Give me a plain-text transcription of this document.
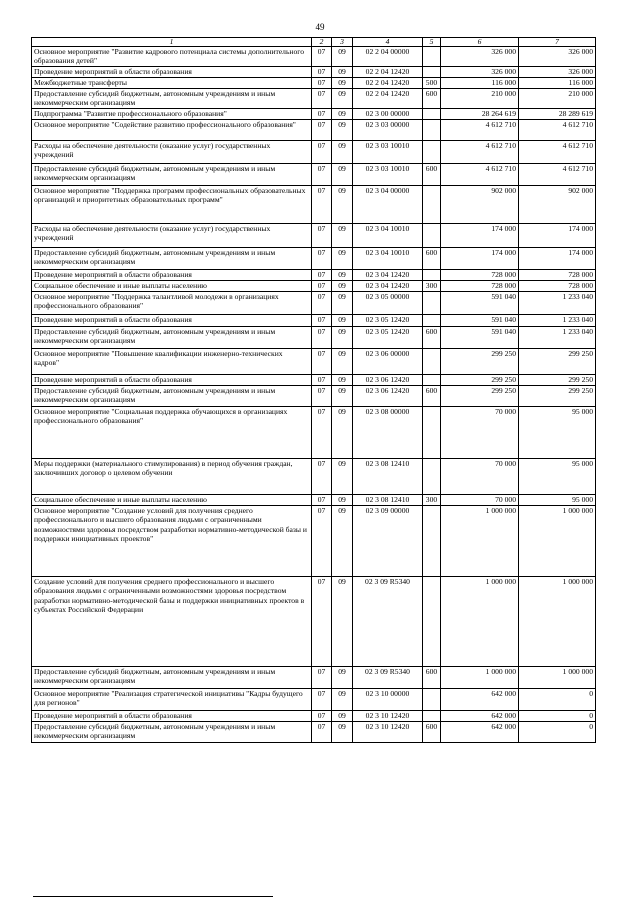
49
1	2	3	4	5	6	7
Основное мероприятие "Развитие кадрового потенциала системы дополнительного образования детей"	07	09	02 2 04 00000		326 000	326 000
Проведение мероприятий в области образования	07	09	02 2 04 12420		326 000	326 000
Межбюджетные трансферты	07	09	02 2 04 12420	500	116 000	116 000
Предоставление субсидий бюджетным, автономным учреждениям и иным некоммерческим организациям	07	09	02 2 04 12420	600	210 000	210 000
Подпрограмма "Развитие профессионального образования"	07	09	02 3 00 00000		28 264 619	28 289 619
Основное мероприятие "Содействие развитию профессионального образования"	07	09	02 3 03 00000		4 612 710	4 612 710
Расходы на обеспечение деятельности (оказание услуг) государственных учреждений	07	09	02 3 03 10010		4 612 710	4 612 710
Предоставление субсидий бюджетным, автономным учреждениям и иным некоммерческим организациям	07	09	02 3 03 10010	600	4 612 710	4 612 710
Основное мероприятие "Поддержка программ профессиональных образовательных организаций и приоритетных образовательных программ"	07	09	02 3 04 00000		902 000	902 000
Расходы на обеспечение деятельности (оказание услуг) государственных учреждений	07	09	02 3 04 10010		174 000	174 000
Предоставление субсидий бюджетным, автономным учреждениям и иным некоммерческим организациям	07	09	02 3 04 10010	600	174 000	174 000
Проведение мероприятий в области образования	07	09	02 3 04 12420		728 000	728 000
Социальное обеспечение и иные выплаты населению	07	09	02 3 04 12420	300	728 000	728 000
Основное мероприятие "Поддержка талантливой молодежи в организациях профессионального образования"	07	09	02 3 05 00000		591 040	1 233 040
Проведение мероприятий в области образования	07	09	02 3 05 12420		591 040	1 233 040
Предоставление субсидий бюджетным, автономным учреждениям и иным некоммерческим организациям	07	09	02 3 05 12420	600	591 040	1 233 040
Основное мероприятие "Повышение квалификации инженерно-технических кадров"	07	09	02 3 06 00000		299 250	299 250
Проведение мероприятий в области образования	07	09	02 3 06 12420		299 250	299 250
Предоставление субсидий бюджетным, автономным учреждениям и иным некоммерческим организациям	07	09	02 3 06 12420	600	299 250	299 250
Основное мероприятие "Социальная поддержка обучающихся в организациях профессионального образования"	07	09	02 3 08 00000		70 000	95 000
Меры поддержки (материального стимулирования) в период обучения граждан, заключивших договор о целевом обучении	07	09	02 3 08 12410		70 000	95 000
Социальное обеспечение и иные выплаты населению	07	09	02 3 08 12410	300	70 000	95 000
Основное мероприятие "Создание условий для получения среднего профессионального и высшего образования людьми с ограниченными возможностями здоровья посредством разработки нормативно-методической базы и поддержки инициативных проектов"	07	09	02 3 09 00000		1 000 000	1 000 000
Создание условий для получения среднего профессионального и высшего образования людьми с ограниченными возможностями здоровья посредством разработки нормативно-методической базы и поддержки инициативных проектов в субъектах Российской Федерации	07	09	02 3 09 R5340		1 000 000	1 000 000
Предоставление субсидий бюджетным, автономным учреждениям и иным некоммерческим организациям	07	09	02 3 09 R5340	600	1 000 000	1 000 000
Основное мероприятие "Реализация стратегической инициативы "Кадры будущего для регионов"	07	09	02 3 10 00000		642 000	0
Проведение мероприятий в области образования	07	09	02 3 10 12420		642 000	0
Предоставление субсидий бюджетным, автономным учреждениям и иным некоммерческим организациям	07	09	02 3 10 12420	600	642 000	0
